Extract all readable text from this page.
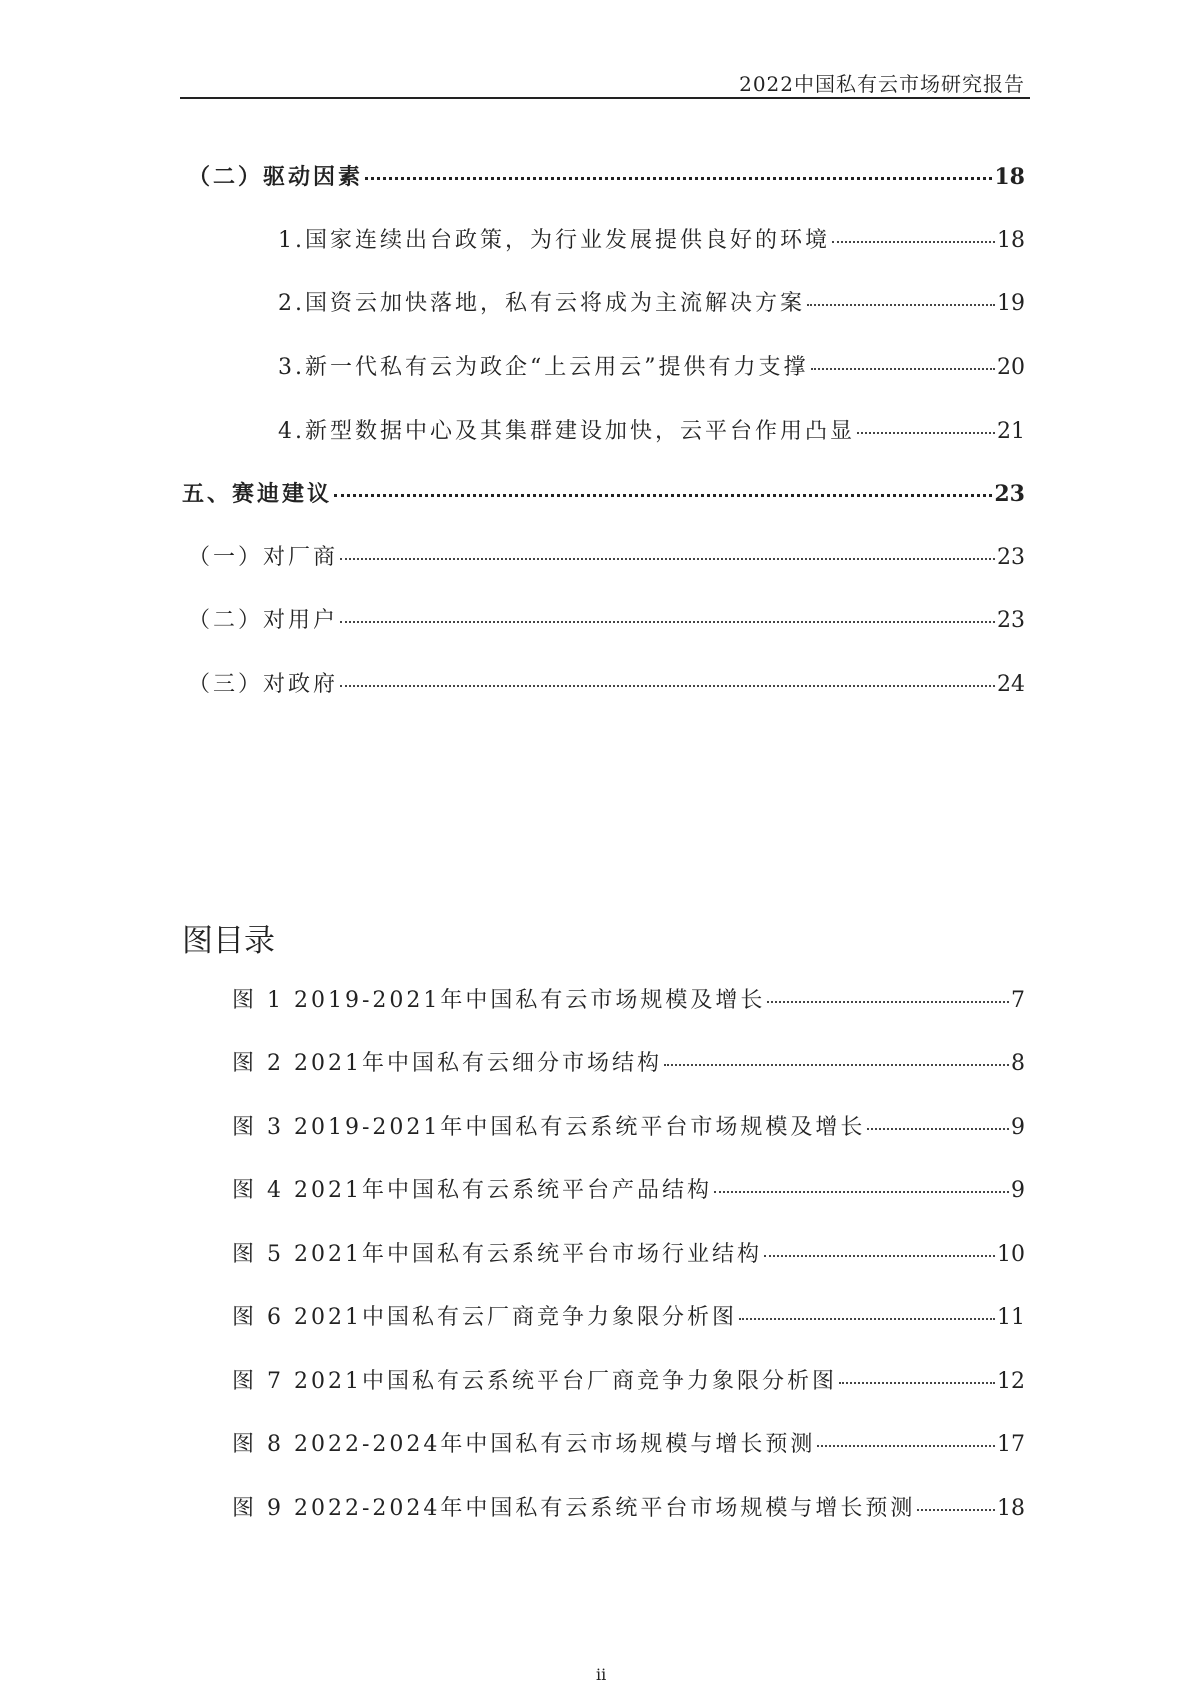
2022中国私有云市场研究报告
（二）驱动因素	18
1.国家连续出台政策，为行业发展提供良好的环境	18
2.国资云加快落地，私有云将成为主流解决方案	19
3.新一代私有云为政企“上云用云”提供有力支撑	20
4.新型数据中心及其集群建设加快，云平台作用凸显	21
五、赛迪建议	23
（一）对厂商	23
（二）对用户	23
（三）对政府	24
图目录
图 1 2019-2021年中国私有云市场规模及增长	7
图 2 2021年中国私有云细分市场结构	8
图 3 2019-2021年中国私有云系统平台市场规模及增长	9
图 4 2021年中国私有云系统平台产品结构	9
图 5 2021年中国私有云系统平台市场行业结构	10
图 6 2021中国私有云厂商竞争力象限分析图	11
图 7 2021中国私有云系统平台厂商竞争力象限分析图	12
图 8 2022-2024年中国私有云市场规模与增长预测	17
图 9 2022-2024年中国私有云系统平台市场规模与增长预测	18
ii
